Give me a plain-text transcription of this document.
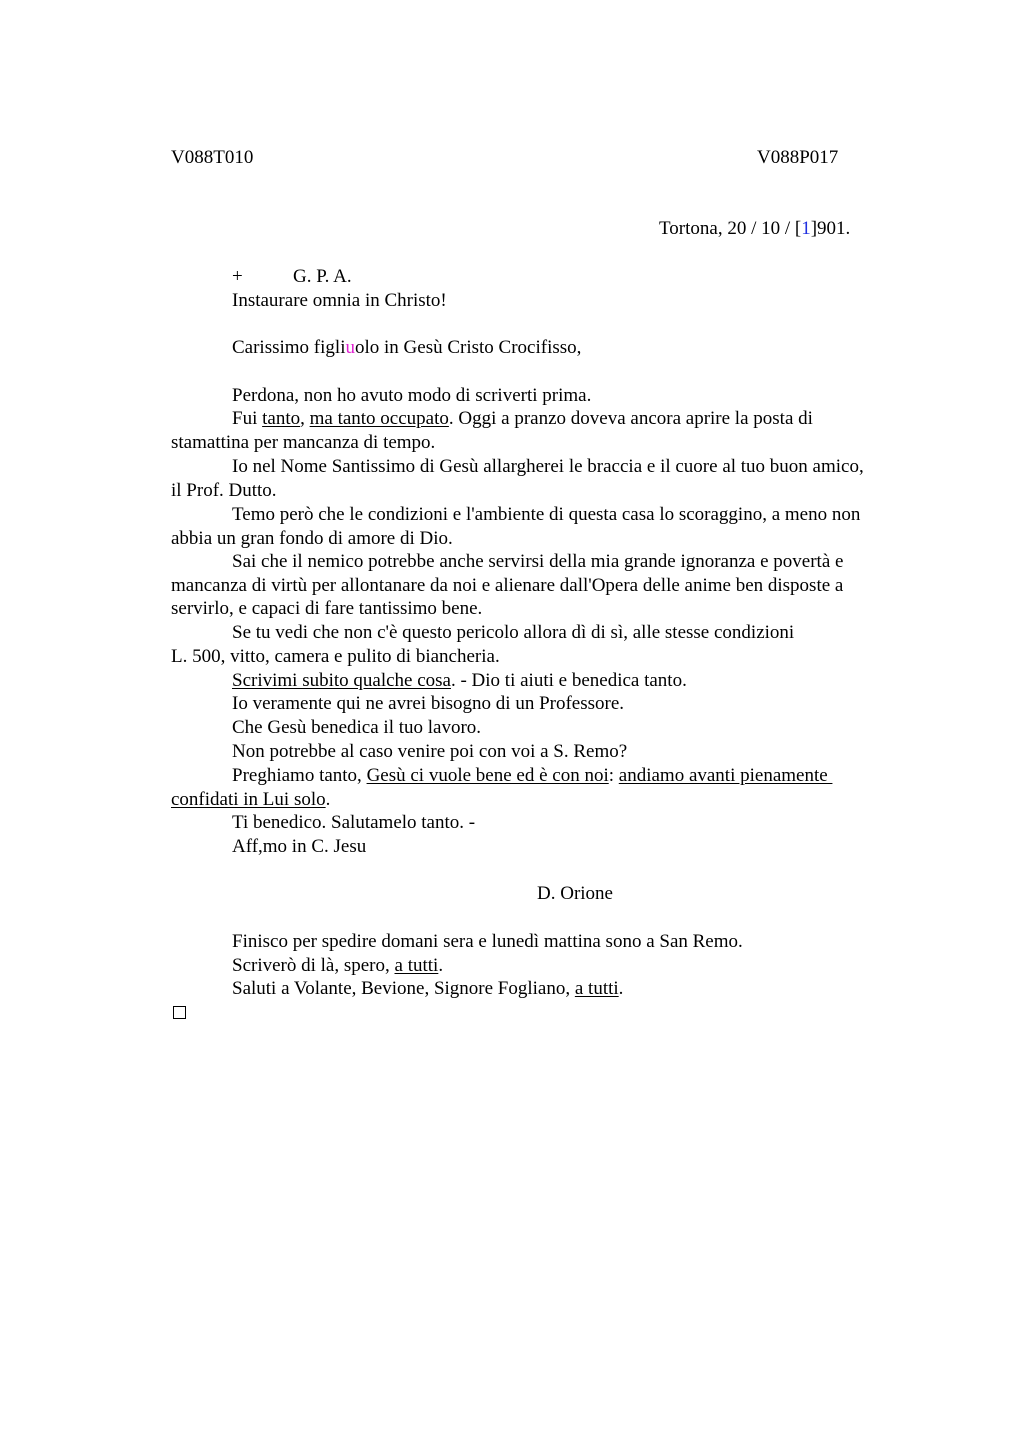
V088T010	V088P017
Tortona, 20 / 10 / [1]901.
+	G. P. A.
Instaurare omnia in Christo!
Carissimo figliuolo in Gesù Cristo Crocifisso,
Perdona, non ho avuto modo di scriverti prima.
Fui tanto, ma tanto occupato. Oggi a pranzo doveva ancora aprire la posta di
stamattina per mancanza di tempo.
Io nel Nome Santissimo di Gesù allargherei le braccia e il cuore al tuo buon amico,
il Prof. Dutto.
Temo però che le condizioni e l'ambiente di questa casa lo scoraggino, a meno non
abbia un gran fondo di amore di Dio.
Sai che il nemico potrebbe anche servirsi della mia grande ignoranza e povertà e
mancanza di virtù per allontanare da noi e alienare dall'Opera delle anime ben disposte a
servirlo, e capaci di fare tantissimo bene.
Se tu vedi che non c'è questo pericolo allora dì di sì, alle stesse condizioni
L. 500, vitto, camera e pulito di biancheria.
Scrivimi subito qualche cosa. - Dio ti aiuti e benedica tanto.
Io veramente qui ne avrei bisogno di un Professore.
Che Gesù benedica il tuo lavoro.
Non potrebbe al caso venire poi con voi a S. Remo?
Preghiamo tanto, Gesù ci vuole bene ed è con noi: andiamo avanti pienamente
confidati in Lui solo.
Ti benedico. Salutamelo tanto. -
Aff,mo in C. Jesu
D. Orione
Finisco per spedire domani sera e lunedì mattina sono a San Remo.
Scriverò di là, spero, a tutti.
Saluti a Volante, Bevione, Signore Fogliano, a tutti.
